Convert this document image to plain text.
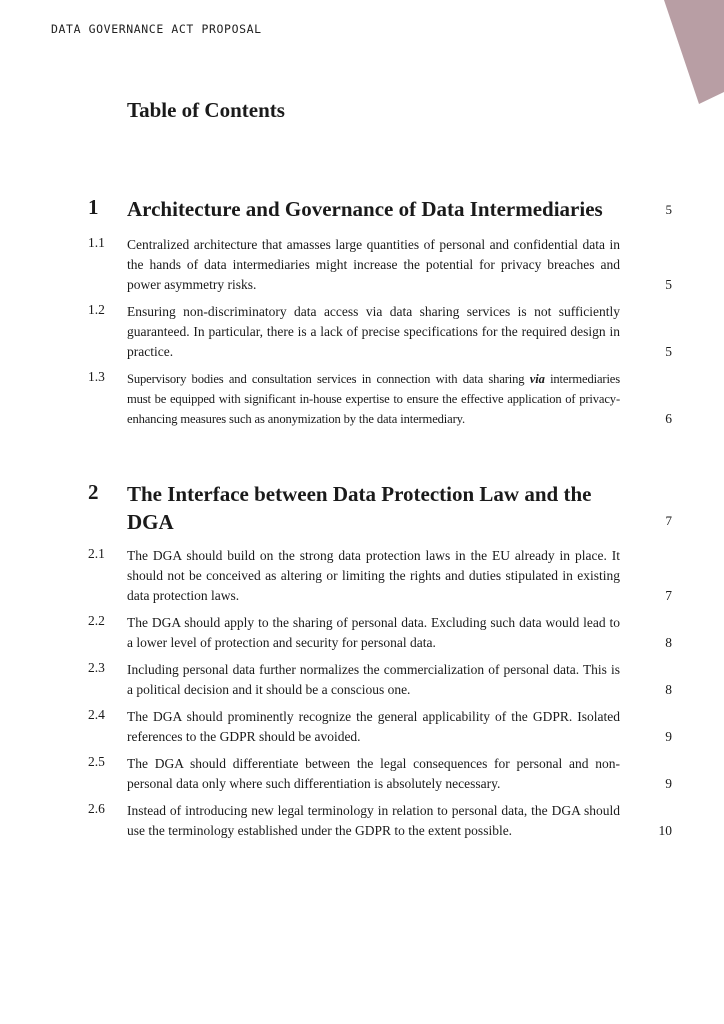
DATA GOVERNANCE ACT PROPOSAL
Table of Contents
1 Architecture and Governance of Data Intermediaries	5
1.1 Centralized architecture that amasses large quantities of personal and confidential data in the hands of data intermediaries might increase the potential for privacy breaches and power asymmetry risks.	5
1.2 Ensuring non-discriminatory data access via data sharing services is not sufficiently guaranteed. In particular, there is a lack of precise specifications for the required design in practice.	5
1.3 Supervisory bodies and consultation services in connection with data sharing via intermediaries must be equipped with significant in-house expertise to ensure the effective application of privacy-enhancing measures such as anonymization by the data intermediary.	6
2 The Interface between Data Protection Law and the DGA	7
2.1 The DGA should build on the strong data protection laws in the EU already in place. It should not be conceived as altering or limiting the rights and duties stipulated in existing data protection laws.	7
2.2 The DGA should apply to the sharing of personal data. Excluding such data would lead to a lower level of protection and security for personal data.	8
2.3 Including personal data further normalizes the commercialization of personal data. This is a political decision and it should be a conscious one.	8
2.4 The DGA should prominently recognize the general applicability of the GDPR. Isolated references to the GDPR should be avoided.	9
2.5 The DGA should differentiate between the legal consequences for personal and non-personal data only where such differentiation is absolutely necessary.	9
2.6 Instead of introducing new legal terminology in relation to personal data, the DGA should use the terminology established under the GDPR to the extent possible.	10
